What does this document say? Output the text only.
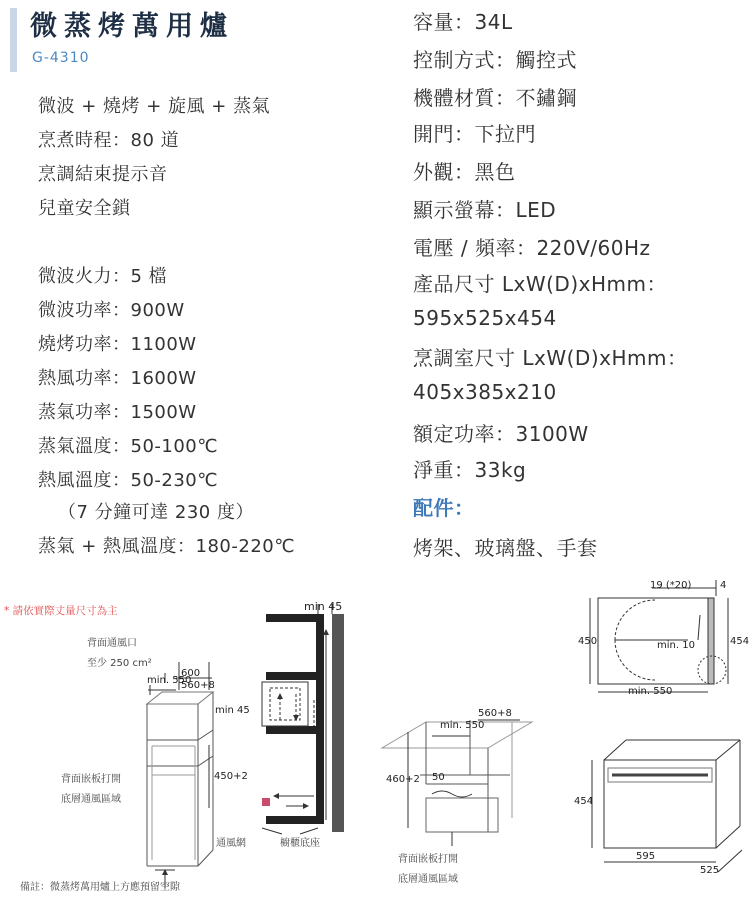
微蒸烤萬用爐
G-4310
微波 + 燒烤 + 旋風 + 蒸氣
烹煮時程：80 道
烹調結束提示音
兒童安全鎖
微波火力：5 檔
微波功率：900W
燒烤功率：1100W
熱風功率：1600W
蒸氣功率：1500W
蒸氣溫度：50-100℃
熱風溫度：50-230℃
（7 分鐘可達 230 度）
蒸氣 + 熱風溫度：180-220℃
容量：34L
控制方式：觸控式
機體材質：不鏽鋼
開門：下拉門
外觀：黑色
顯示螢幕：LED
電壓 / 頻率：220V/60Hz
產品尺寸 LxW(D)xHmm：
595x525x454
烹調室尺寸 LxW(D)xHmm：
405x385x210
額定功率：3100W
淨重：33kg
配件：
烤架、玻璃盤、手套
* 請依實際丈量尺寸為主
背面通風口
至少 250 cm²
min. 550
600
560+8
min 45
450+2
背面嵌板打開
底層通風區域
備註：微蒸烤萬用爐上方應預留空隙
min 45
通風網	櫥櫃底座
min. 550
560+8
460+2 50
背面嵌板打開
底層通風區域
19 (*20)	4
450	454
min. 10
min. 550
454
595
525
